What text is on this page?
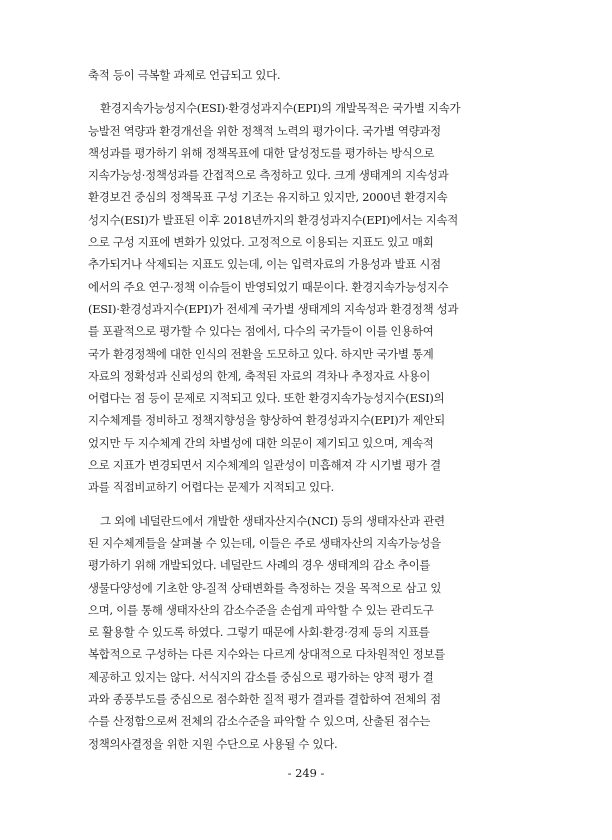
축적 등이 극복할 과제로 언급되고 있다.
환경지속가능성지수(ESI)·환경성과지수(EPI)의 개발목적은 국가별 지속가
능발전 역량과 환경개선을 위한 정책적 노력의 평가이다. 국가별 역량과정
책성과를 평가하기 위해 정책목표에 대한 달성정도를 평가하는 방식으로
지속가능성·정책성과를 간접적으로 측정하고 있다. 크게 생태계의 지속성과
환경보건 중심의 정책목표 구성 기조는 유지하고 있지만, 2000년 환경지속
성지수(ESI)가 발표된 이후 2018년까지의 환경성과지수(EPI)에서는 지속적
으로 구성 지표에 변화가 있었다. 고정적으로 이용되는 지표도 있고 매회
추가되거나 삭제되는 지표도 있는데, 이는 입력자료의 가용성과 발표 시점
에서의 주요 연구·정책 이슈들이 반영되었기 때문이다. 환경지속가능성지수
(ESI)·환경성과지수(EPI)가 전세계 국가별 생태계의 지속성과 환경정책 성과
를 포괄적으로 평가할 수 있다는 점에서, 다수의 국가들이 이를 인용하여
국가 환경정책에 대한 인식의 전환을 도모하고 있다. 하지만 국가별 통계
자료의 정확성과 신뢰성의 한계, 축적된 자료의 격차나 추정자료 사용이
어렵다는 점 등이 문제로 지적되고 있다. 또한 환경지속가능성지수(ESI)의
지수체계를 정비하고 정책지향성을 향상하여 환경성과지수(EPI)가 제안되
었지만 두 지수체계 간의 차별성에 대한 의문이 제기되고 있으며, 계속적
으로 지표가 변경되면서 지수체계의 일관성이 미흡해져 각 시기별 평가 결
과를 직접비교하기 어렵다는 문제가 지적되고 있다.
그 외에 네덜란드에서 개발한 생태자산지수(NCI) 등의 생태자산과 관련
된 지수체계들을 살펴볼 수 있는데, 이들은 주로 생태자산의 지속가능성을
평가하기 위해 개발되었다. 네덜란드 사례의 경우 생태계의 감소 추이를
생물다양성에 기초한 양-질적 상태변화를 측정하는 것을 목적으로 삼고 있
으며, 이를 통해 생태자산의 감소수준을 손쉽게 파악할 수 있는 관리도구
로 활용할 수 있도록 하였다. 그렇기 때문에 사회·환경·경제 등의 지표를
복합적으로 구성하는 다른 지수와는 다르게 상대적으로 다차원적인 정보를
제공하고 있지는 않다. 서식지의 감소를 중심으로 평가하는 양적 평가 결
과와 종풍부도를 중심으로 점수화한 질적 평가 결과를 결합하여 전체의 점
수를 산정함으로써 전체의 감소수준을 파악할 수 있으며, 산출된 점수는
정책의사결정을 위한 지원 수단으로 사용될 수 있다.
- 249 -
